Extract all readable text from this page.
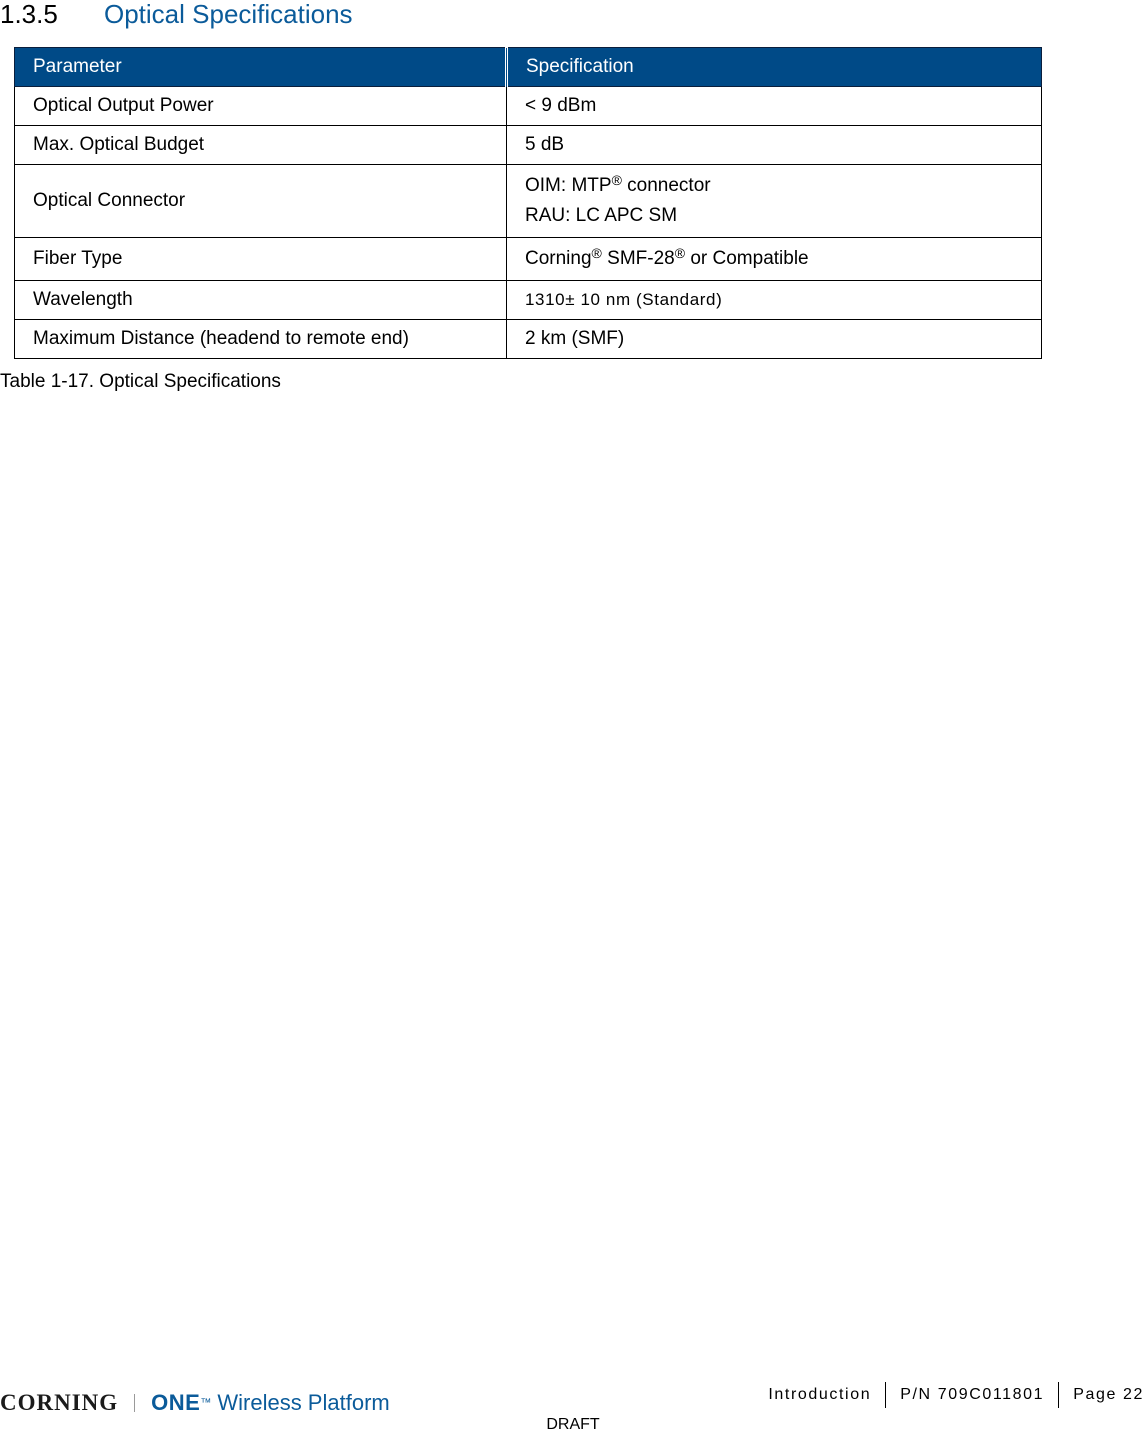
1.3.5 Optical Specifications
Parameter	Specification
Optical Output Power	< 9 dBm
Max. Optical Budget	5 dB
Optical Connector	OIM: MTP® connector
RAU: LC APC SM

Fiber Type	Corning® SMF-28® or Compatible
Wavelength	1310± 10 nm (Standard)
Maximum Distance (headend to remote end)	2 km (SMF)
Table 1-17. Optical Specifications
CORNING ONE ™ Wireless Platform	Introduction	P/N 709C011801	Page 22
DRAFT
